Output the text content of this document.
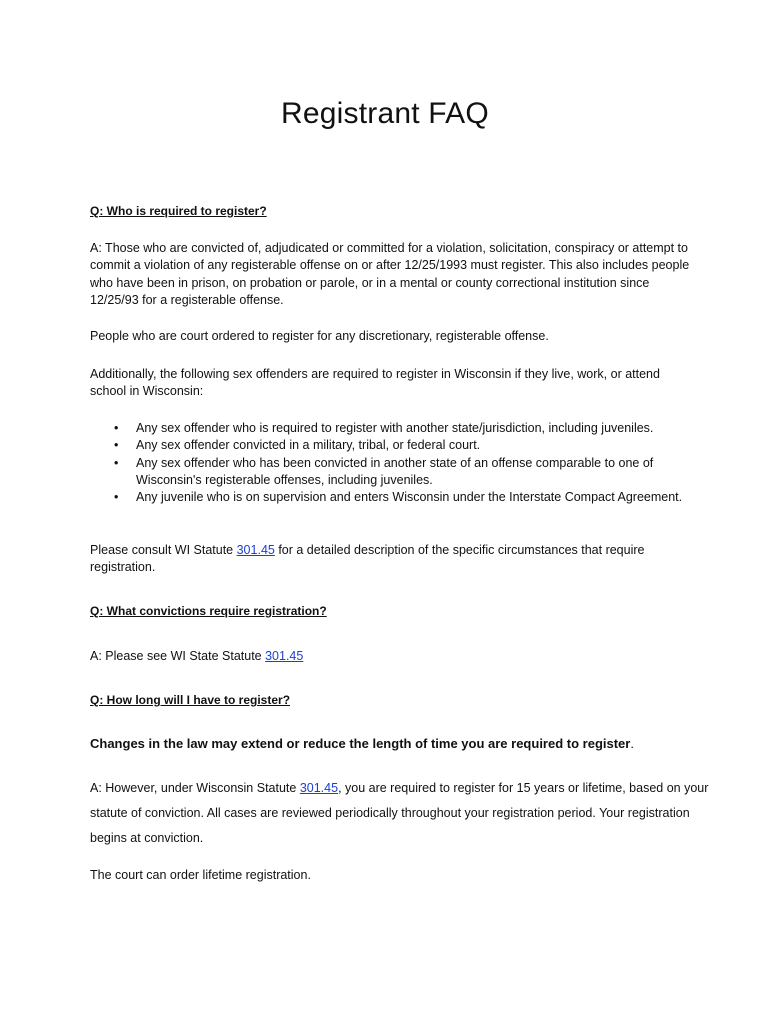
Registrant FAQ

Q: Who is required to register?

A: Those who are convicted of, adjudicated or committed for a violation, solicitation, conspiracy or attempt to commit a violation of any registerable offense on or after 12/25/1993 must register. This also includes people who have been in prison, on probation or parole, or in a mental or county correctional institution since 12/25/93 for a registerable offense.

People who are court ordered to register for any discretionary, registerable offense.

Additionally, the following sex offenders are required to register in Wisconsin if they live, work, or attend school in Wisconsin:

• Any sex offender who is required to register with another state/jurisdiction, including juveniles.
• Any sex offender convicted in a military, tribal, or federal court.
• Any sex offender who has been convicted in another state of an offense comparable to one of Wisconsin's registerable offenses, including juveniles.
• Any juvenile who is on supervision and enters Wisconsin under the Interstate Compact Agreement.

Please consult WI Statute 301.45 for a detailed description of the specific circumstances that require registration.

Q: What convictions require registration?

A: Please see WI State Statute 301.45

Q: How long will I have to register?

Changes in the law may extend or reduce the length of time you are required to register.

A: However, under Wisconsin Statute 301.45, you are required to register for 15 years or lifetime, based on your statute of conviction. All cases are reviewed periodically throughout your registration period. Your registration begins at conviction.

The court can order lifetime registration.
